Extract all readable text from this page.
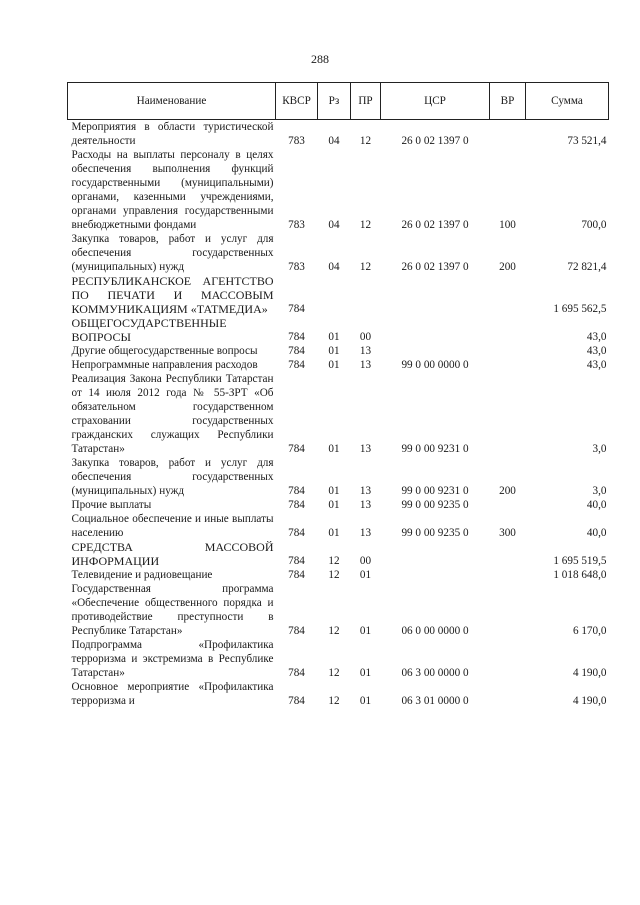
288
Наименование	КВСР	Рз	ПР	ЦСР	ВР	Сумма
Мероприятия в области туристической деятельности	783	04	12	26 0 02 1397 0		73 521,4
Расходы на выплаты персоналу в целях обеспечения выполнения функций государственными (муниципальными) органами, казенными учреждениями, органами управления государственными внебюджетными фондами	783	04	12	26 0 02 1397 0	100	700,0
Закупка товаров, работ и услуг для обеспечения государственных (муниципальных) нужд	783	04	12	26 0 02 1397 0	200	72 821,4
РЕСПУБЛИКАНСКОЕ АГЕНТСТВО ПО ПЕЧАТИ И МАССОВЫМ КОММУНИКАЦИЯМ «ТАТМЕДИА»	784					1 695 562,5
ОБЩЕГОСУДАРСТВЕННЫЕ ВОПРОСЫ	784	01	00			43,0
Другие общегосударственные вопросы	784	01	13			43,0
Непрограммные направления расходов	784	01	13	99 0 00 0000 0		43,0
Реализация Закона Республики Татарстан от 14 июля 2012 года № 55-ЗРТ «Об обязательном государственном страховании государственных гражданских служащих Республики Татарстан»	784	01	13	99 0 00 9231 0		3,0
Закупка товаров, работ и услуг для обеспечения государственных (муниципальных) нужд	784	01	13	99 0 00 9231 0	200	3,0
Прочие выплаты	784	01	13	99 0 00 9235 0		40,0
Социальное обеспечение и иные выплаты населению	784	01	13	99 0 00 9235 0	300	40,0
СРЕДСТВА МАССОВОЙ ИНФОРМАЦИИ	784	12	00			1 695 519,5
Телевидение и радиовещание	784	12	01			1 018 648,0
Государственная программа «Обеспечение общественного порядка и противодействие преступности в Республике Татарстан»	784	12	01	06 0 00 0000 0		6 170,0
Подпрограмма «Профилактика терроризма и экстремизма в Республике Татарстан»	784	12	01	06 3 00 0000 0		4 190,0
Основное мероприятие «Профилактика терроризма и	784	12	01	06 3 01 0000 0		4 190,0
